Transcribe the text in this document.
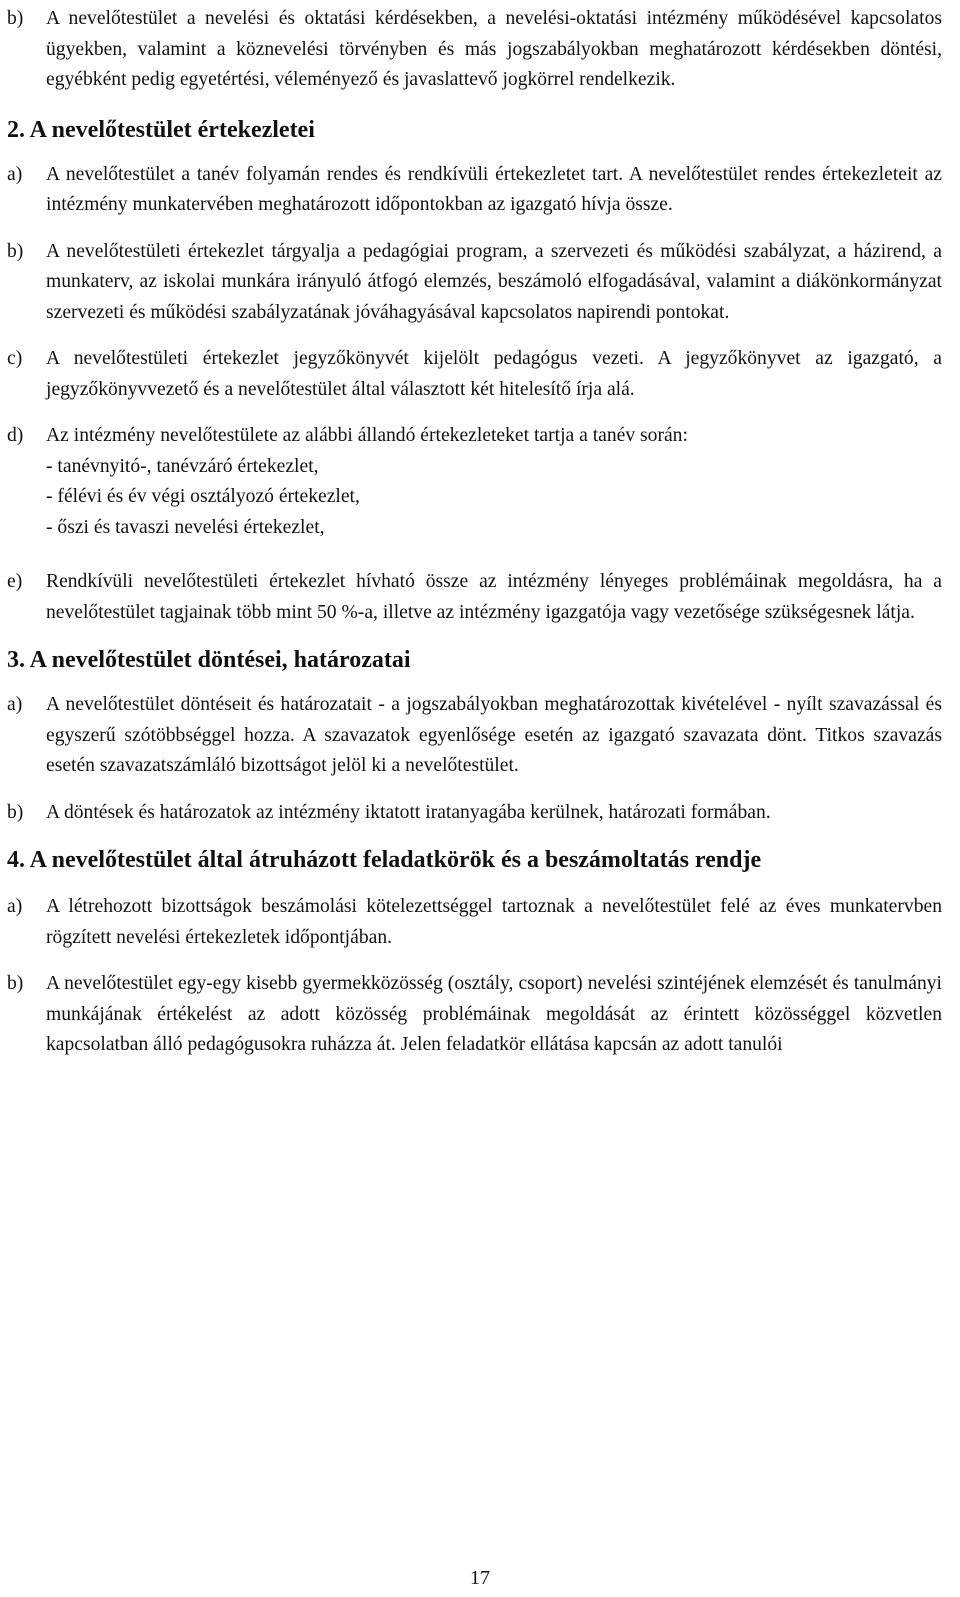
b)	A nevelőtestület a nevelési és oktatási kérdésekben, a nevelési-oktatási intézmény működésével kapcsolatos ügyekben, valamint a köznevelési törvényben és más jogszabályokban meghatározott kérdésekben döntési, egyébként pedig egyetértési, véleményező és javaslattevő jogkörrel rendelkezik.
2. A nevelőtestület értekezletei
a)	A nevelőtestület a tanév folyamán rendes és rendkívüli értekezletet tart. A nevelőtestület rendes értekezleteit az intézmény munkatervében meghatározott időpontokban az igazgató hívja össze.
b)	A nevelőtestületi értekezlet tárgyalja a pedagógiai program, a szervezeti és működési szabályzat, a házirend, a munkaterv, az iskolai munkára irányuló átfogó elemzés, beszámoló elfogadásával, valamint a diákönkormányzat szervezeti és működési szabályzatának jóváhagyásával kapcsolatos napirendi pontokat.
c)	A nevelőtestületi értekezlet jegyzőkönyvét kijelölt pedagógus vezeti. A jegyzőkönyvet az igazgató, a jegyzőkönyvvezető és a nevelőtestület által választott két hitelesítő írja alá.
d)	Az intézmény nevelőtestülete az alábbi állandó értekezleteket tartja a tanév során:
- tanévnyitó-, tanévzáró értekezlet,
- félévi és év végi osztályozó értekezlet,
- őszi és tavaszi nevelési értekezlet,
e)	Rendkívüli nevelőtestületi értekezlet hívható össze az intézmény lényeges problémáinak megoldásra, ha a nevelőtestület tagjainak több mint 50 %-a, illetve az intézmény igazgatója vagy vezetősége szükségesnek látja.
3. A nevelőtestület döntései, határozatai
a)	A nevelőtestület döntéseit és határozatait - a jogszabályokban meghatározottak kivételével - nyílt szavazással és egyszerű szótöbbséggel hozza. A szavazatok egyenlősége esetén az igazgató szavazata dönt. Titkos szavazás esetén szavazatszámláló bizottságot jelöl ki a nevelőtestület.
b)	A döntések és határozatok az intézmény iktatott iratanyagába kerülnek, határozati formában.
4. A nevelőtestület által átruházott feladatkörök és a beszámoltatás rendje
a)	A létrehozott bizottságok beszámolási kötelezettséggel tartoznak a nevelőtestület felé az éves munkatervben rögzített nevelési értekezletek időpontjában.
b)	A nevelőtestület egy-egy kisebb gyermekközösség (osztály, csoport) nevelési szintéjének elemzését és tanulmányi munkájának értékelést az adott közösség problémáinak megoldását az érintett közösséggel közvetlen kapcsolatban álló pedagógusokra ruházza át. Jelen feladatkör ellátása kapcsán az adott tanulói
17
